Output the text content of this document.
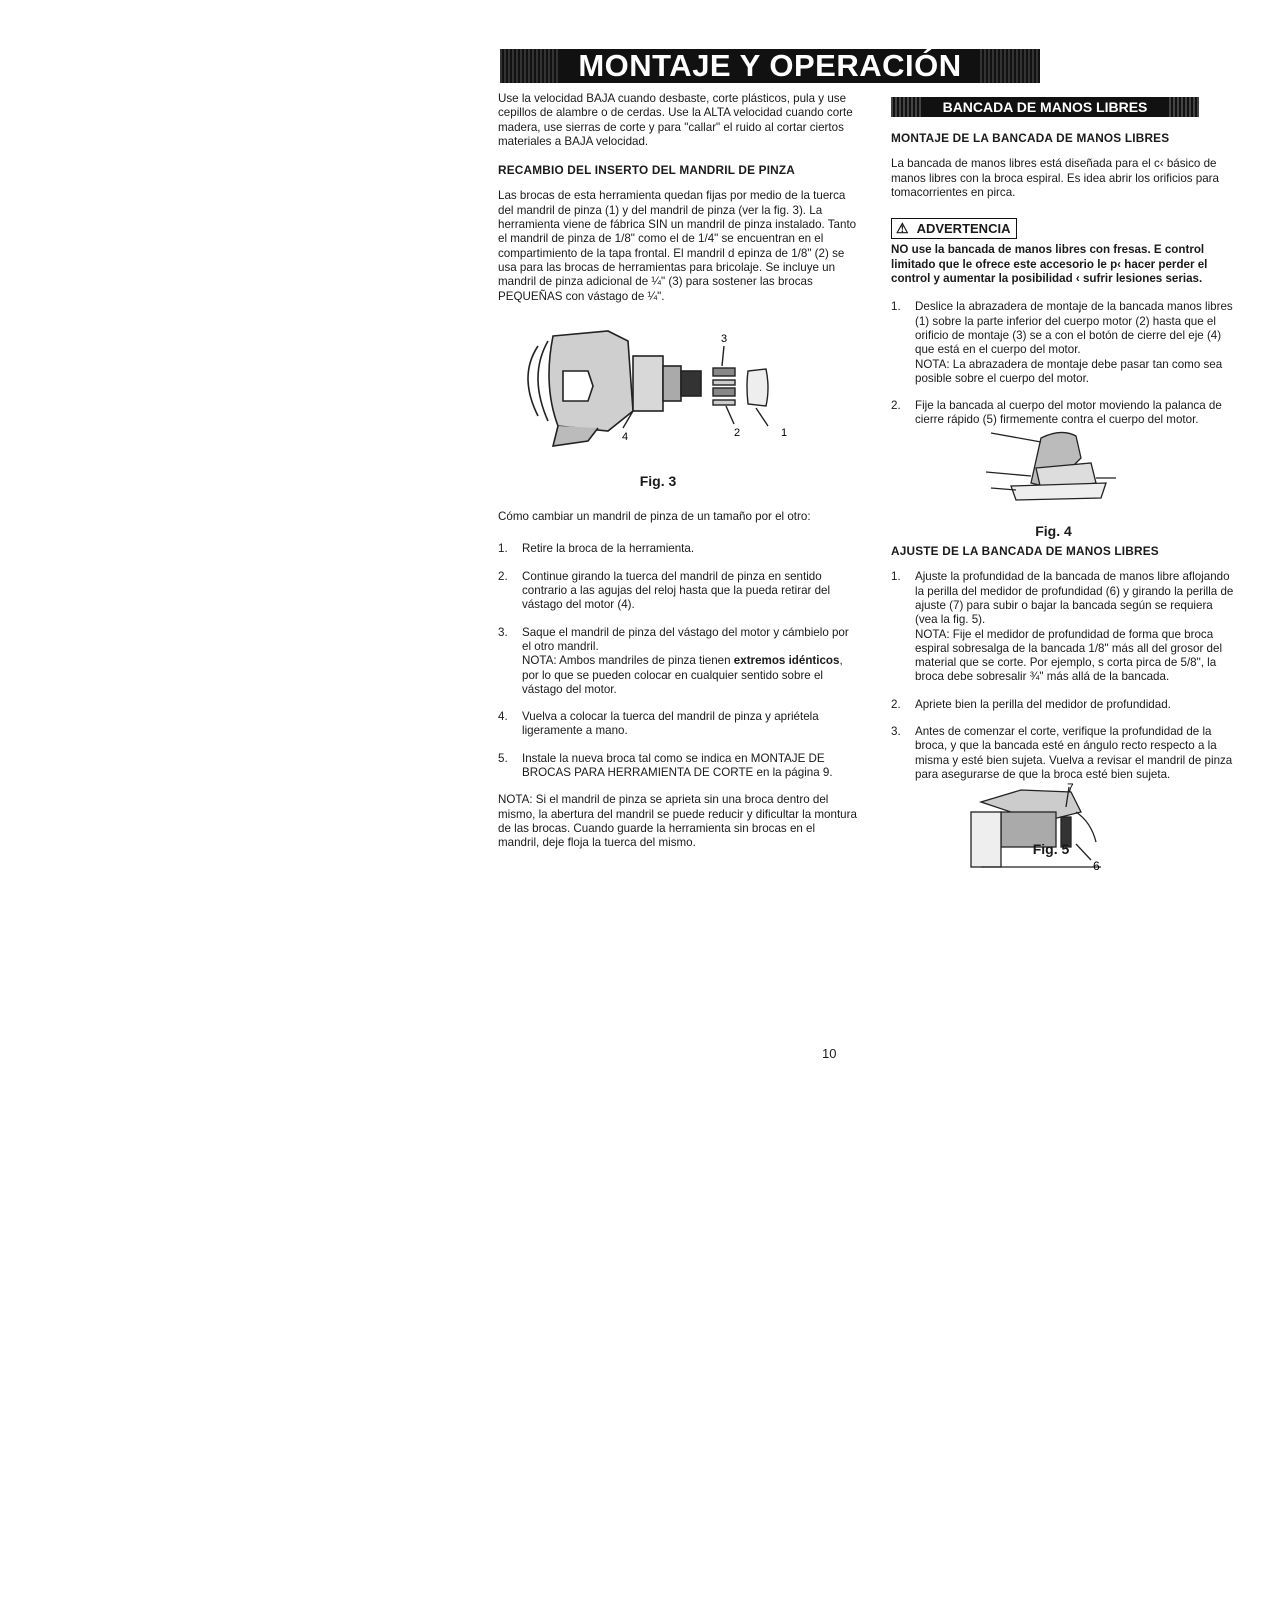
MONTAJE Y OPERACIÓN

Use la velocidad BAJA cuando desbaste, corte plásticos, pula y use cepillos de alambre o de cerdas. Use la ALTA velocidad cuando corte madera, use sierras de corte y para "callar" el ruido al cortar ciertos materiales a BAJA velocidad.

RECAMBIO DEL INSERTO DEL MANDRIL DE PINZA

Las brocas de esta herramienta quedan fijas por medio de la tuerca del mandril de pinza (1) y del mandril de pinza (ver la fig. 3). La herramienta viene de fábrica SIN un mandril de pinza instalado. Tanto el mandril de pinza de 1/8" como el de 1/4" se encuentran en el compartimiento de la tapa frontal. El mandril d epinza de 1/8" (2) se usa para las brocas de herramientas para bricolaje. Se incluye un mandril de pinza adicional de ¼" (3) para sostener las brocas PEQUEÑAS con vástago de ¼".

3
2	1
4
Fig. 3

Cómo cambiar un mandril de pinza de un tamaño por el otro:

1. Retire la broca de la herramienta.
2. Continue girando la tuerca del mandril de pinza en sentido contrario a las agujas del reloj hasta que la pueda retirar del vástago del motor (4).
3. Saque el mandril de pinza del vástago del motor y cámbielo por el otro mandril.
NOTA: Ambos mandriles de pinza tienen extremos idénticos, por lo que se pueden colocar en cualquier sentido sobre el vástago del motor.
4. Vuelva a colocar la tuerca del mandril de pinza y apriétela ligeramente a mano.
5. Instale la nueva broca tal como se indica en MONTAJE DE BROCAS PARA HERRAMIENTA DE CORTE en la página 9.

NOTA: Si el mandril de pinza se aprieta sin una broca dentro del mismo, la abertura del mandril se puede reducir y dificultar la montura de las brocas. Cuando guarde la herramienta sin brocas en el mandril, deje floja la tuerca del mismo.

BANCADA DE MANOS LIBRES
MONTAJE DE LA BANCADA DE MANOS LIBRES

La bancada de manos libres está diseñada para el c‹ básico de manos libres con la broca espiral. Es idea abrir los orificios para tomacorrientes en pirca.

⚠ ADVERTENCIA
NO use la bancada de manos libres con fresas. E control limitado que le ofrece este accesorio le p‹ hacer perder el control y aumentar la posibilidad ‹ sufrir lesiones serias.
1. Deslice la abrazadera de montaje de la bancada manos libres (1) sobre la parte inferior del cuerpo motor (2) hasta que el orificio de montaje (3) se a con el botón de cierre del eje (4) que está en el cuerpo del motor.
NOTA: La abrazadera de montaje debe pasar tan como sea posible sobre el cuerpo del motor.
2. Fije la bancada al cuerpo del motor moviendo la palanca de cierre rápido (5) firmemente contra el cuerpo del motor.
Fig. 4
AJUSTE DE LA BANCADA DE MANOS LIBRES
1. Ajuste la profundidad de la bancada de manos libre aflojando la perilla del medidor de profundidad (6) y girando la perilla de ajuste (7) para subir o bajar la bancada según se requiera (vea la fig. 5).
NOTA: Fije el medidor de profundidad de forma que broca espiral sobresalga de la bancada 1/8" más all del grosor del material que se corte. Por ejemplo, s corta pirca de 5/8", la broca debe sobresalir ¾" más allá de la bancada.
2. Apriete bien la perilla del medidor de profundidad.
3. Antes de comenzar el corte, verifique la profundidad de la broca, y que la bancada esté en ángulo recto respecto a la misma y esté bien sujeta. Vuelva a revisar el mandril de pinza para asegurarse de que la broca esté bien sujeta.
7
6
Fig. 5
10
